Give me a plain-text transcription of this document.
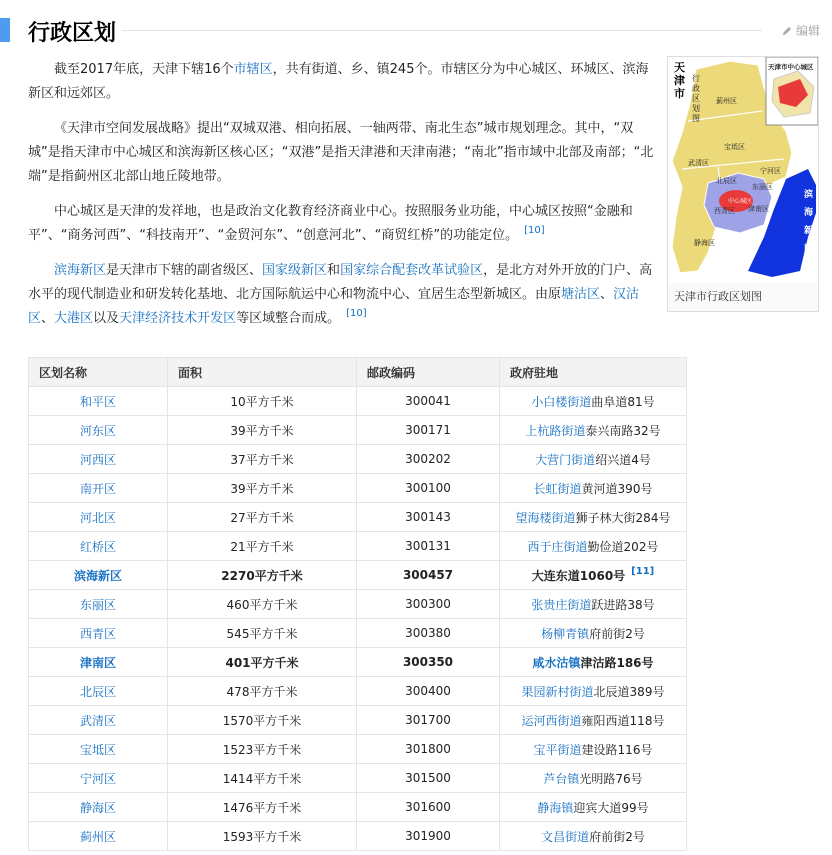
行政区划	编辑

截至2017年底，天津下辖16个市辖区，共有街道、乡、镇245个。市辖区分为中心城区、环城区、滨海新区和远郊区。

《天津市空间发展战略》提出“双城双港、相向拓展、一轴两带、南北生态”城市规划理念。其中，“双城”是指天津市中心城区和滨海新区核心区；“双港”是指天津港和天津南港；“南北”指市域中北部及南部；“北端”是指蓟州区北部山地丘陵地带。

中心城区是天津的发祥地，也是政治文化教育经济商业中心。按照服务业功能，中心城区按照“金融和平”、“商务河西”、“科技南开”、“金贸河东”、“创意河北”、“商贸红桥”的功能定位。 [10]

滨海新区是天津市下辖的副省级区、国家级新区和国家综合配套改革试验区，是北方对外开放的门户、高水平的现代制造业和研发转化基地、北方国际航运中心和物流中心、宜居生态型新城区。由原塘沽区、汉沽区、大港区以及天津经济技术开发区等区域整合而成。 [10]

天津市
行政区划图
天津市中心城区
蓟州区
宝坻区
武清区
宁河区
北辰区
东丽区
西青区 津南区
静海区
中心城区
滨
海
新
区
天津市行政区划图
区划名称	面积	邮政编码	政府驻地
和平区	10平方千米	300041	小白楼街道曲阜道81号
河东区	39平方千米	300171	上杭路街道泰兴南路32号
河西区	37平方千米	300202	大营门街道绍兴道4号
南开区	39平方千米	300100	长虹街道黄河道390号
河北区	27平方千米	300143	望海楼街道狮子林大街284号
红桥区	21平方千米	300131	西于庄街道勤俭道202号
滨海新区	2270平方千米	300457	大连东道1060号 [11]
东丽区	460平方千米	300300	张贵庄街道跃进路38号
西青区	545平方千米	300380	杨柳青镇府前街2号
津南区	401平方千米	300350	咸水沽镇津沽路186号
北辰区	478平方千米	300400	果园新村街道北辰道389号
武清区	1570平方千米	301700	运河西街道雍阳西道118号
宝坻区	1523平方千米	301800	宝平街道建设路116号
宁河区	1414平方千米	301500	芦台镇光明路76号
静海区	1476平方千米	301600	静海镇迎宾大道99号
蓟州区	1593平方千米	301900	文昌街道府前街2号
